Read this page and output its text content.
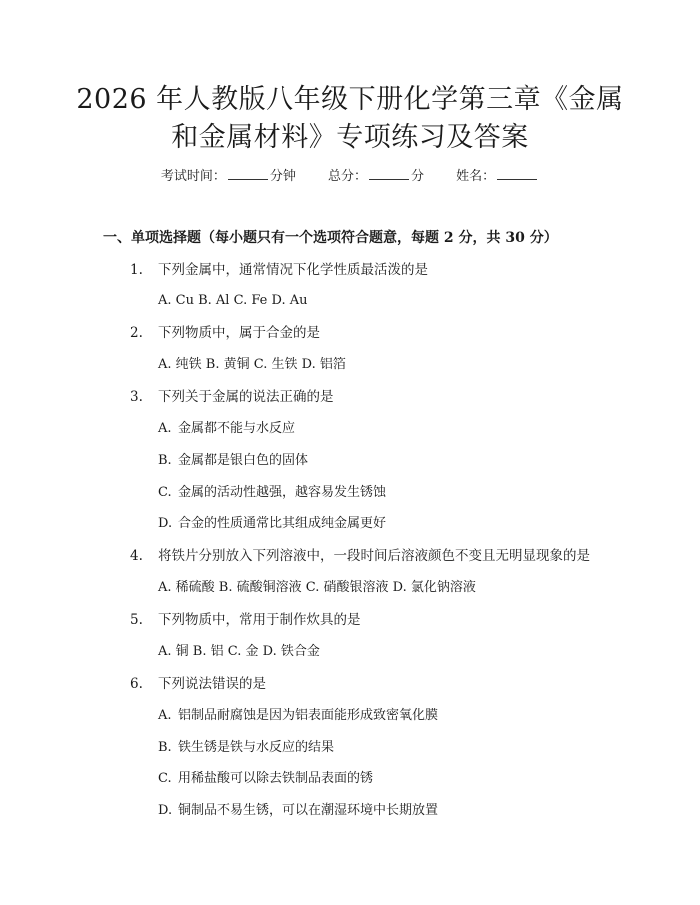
2026 年人教版八年级下册化学第三章《金属
和金属材料》专项练习及答案
考试时间：	分钟 总分：	分 姓名：
一、单项选择题（每小题只有一个选项符合题意，每题 2 分，共 30 分）
1.	下列金属中，通常情况下化学性质最活泼的是
A. Cu B. Al C. Fe D. Au
2.	下列物质中，属于合金的是
A. 纯铁 B. 黄铜 C. 生铁 D. 铝箔
3.	下列关于金属的说法正确的是
A. 金属都不能与水反应
B. 金属都是银白色的固体
C. 金属的活动性越强，越容易发生锈蚀
D. 合金的性质通常比其组成纯金属更好
4.	将铁片分别放入下列溶液中，一段时间后溶液颜色不变且无明显现象的是
A. 稀硫酸 B. 硫酸铜溶液 C. 硝酸银溶液 D. 氯化钠溶液
5.	下列物质中，常用于制作炊具的是
A. 铜 B. 铝 C. 金 D. 铁合金
6.	下列说法错误的是
A. 铝制品耐腐蚀是因为铝表面能形成致密氧化膜
B. 铁生锈是铁与水反应的结果
C. 用稀盐酸可以除去铁制品表面的锈
D. 铜制品不易生锈，可以在潮湿环境中长期放置
